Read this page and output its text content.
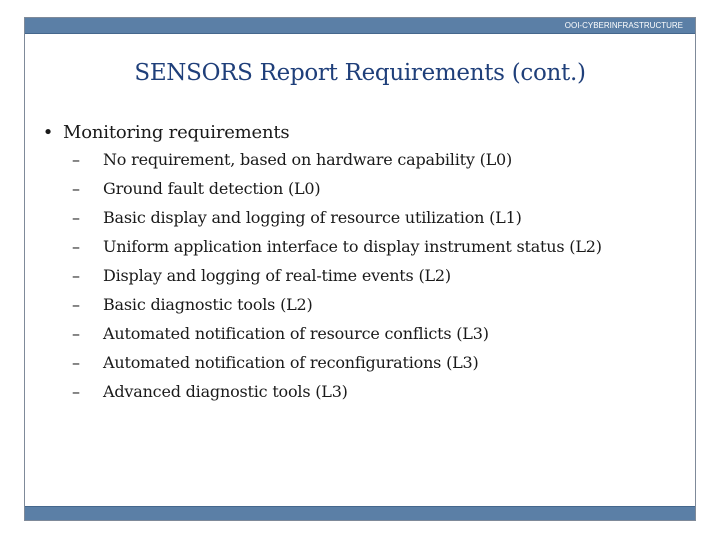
OOI-CYBERINFRASTRUCTURE
SENSORS Report Requirements (cont.)
• Monitoring requirements
– No requirement, based on hardware capability (L0)
– Ground fault detection (L0)
– Basic display and logging of resource utilization (L1)
– Uniform application interface to display instrument status (L2)
– Display and logging of real-time events (L2)
– Basic diagnostic tools (L2)
– Automated notification of resource conflicts (L3)
– Automated notification of reconfigurations (L3)
– Advanced diagnostic tools (L3)
